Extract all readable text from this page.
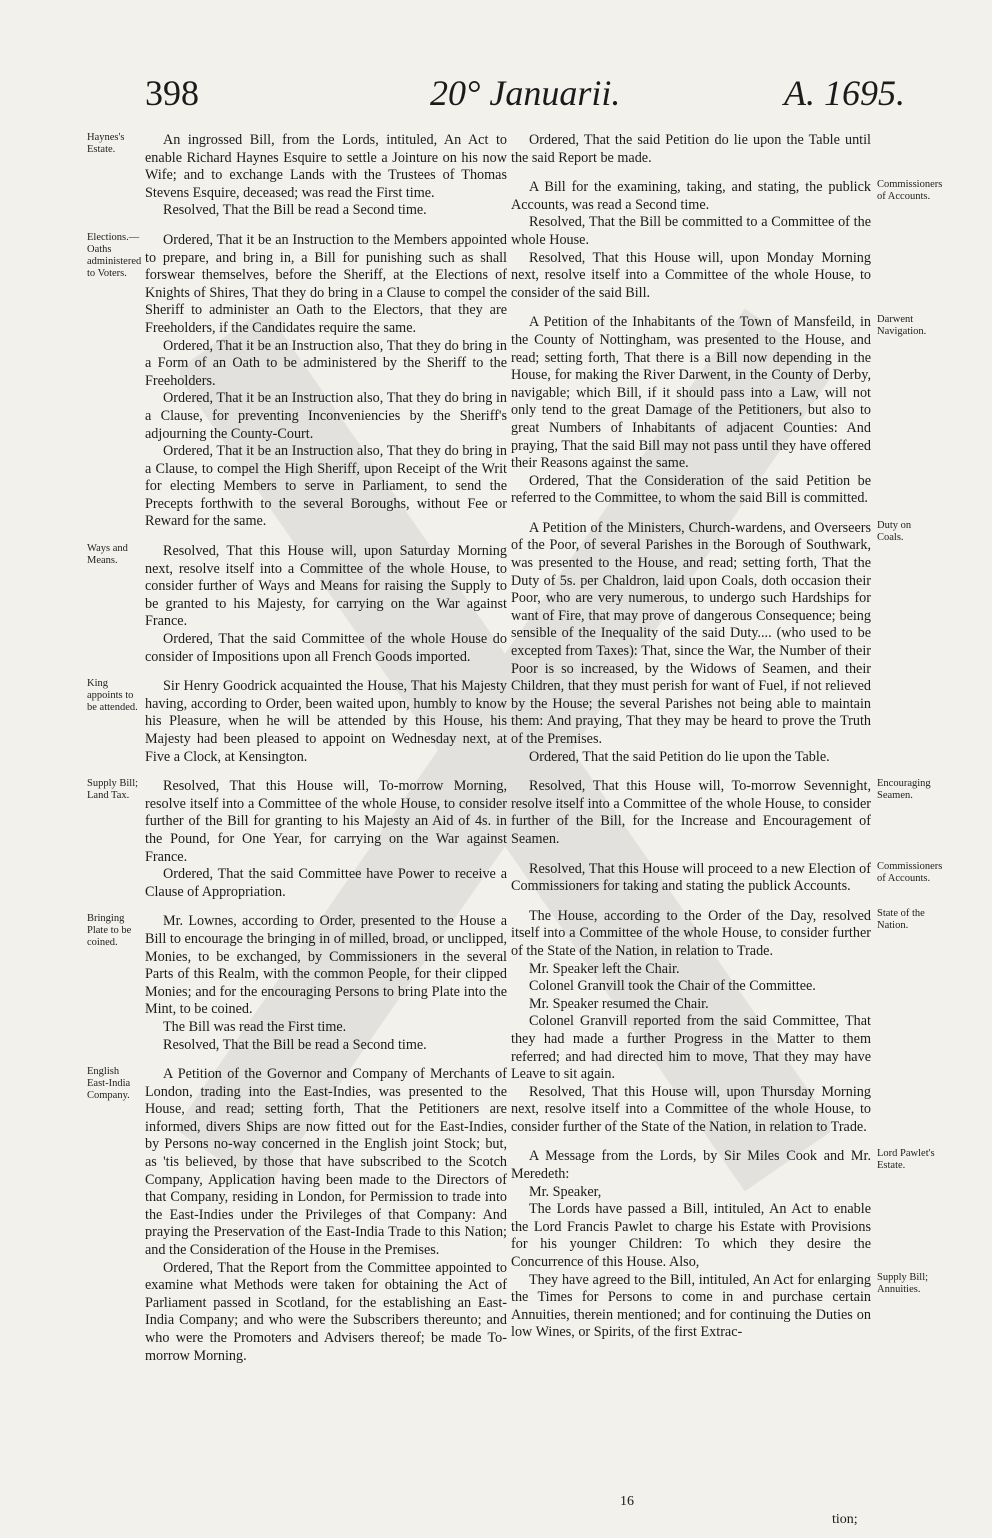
398	20° Januarii.	A. 1695.
Haynes's Estate.

An ingrossed Bill, from the Lords, intituled, An Act to enable Richard Haynes Esquire to settle a Jointure on his now Wife; and to exchange Lands with the Trustees of Thomas Stevens Esquire, deceased; was read the First time.

Resolved, That the Bill be read a Second time.

Elections.— Oaths administered to Voters.

Ordered, That it be an Instruction to the Members appointed to prepare, and bring in, a Bill for punishing such as shall forswear themselves, before the Sheriff, at the Elections of Knights of Shires, That they do bring in a Clause to compel the Sheriff to administer an Oath to the Electors, that they are Freeholders, if the Candidates require the same.

Ordered, That it be an Instruction also, That they do bring in a Form of an Oath to be administered by the Sheriff to the Freeholders.

Ordered, That it be an Instruction also, That they do bring in a Clause, for preventing Inconveniencies by the Sheriff's adjourning the County-Court.

Ordered, That it be an Instruction also, That they do bring in a Clause, to compel the High Sheriff, upon Receipt of the Writ for electing Members to serve in Parliament, to send the Precepts forthwith to the several Boroughs, without Fee or Reward for the same.

Ways and Means.

Resolved, That this House will, upon Saturday Morning next, resolve itself into a Committee of the whole House, to consider further of Ways and Means for raising the Supply to be granted to his Majesty, for carrying on the War against France.

Ordered, That the said Committee of the whole House do consider of Impositions upon all French Goods imported.

King appoints to be attended.

Sir Henry Goodrick acquainted the House, That his Majesty having, according to Order, been waited upon, humbly to know his Pleasure, when he will be attended by this House, his Majesty had been pleased to appoint on Wednesday next, at Five a Clock, at Kensington.

Supply Bill; Land Tax.

Resolved, That this House will, To-morrow Morning, resolve itself into a Committee of the whole House, to consider further of the Bill for granting to his Majesty an Aid of 4s. in the Pound, for One Year, for carrying on the War against France.

Ordered, That the said Committee have Power to receive a Clause of Appropriation.

Bringing Plate to be coined.

Mr. Lownes, according to Order, presented to the House a Bill to encourage the bringing in of milled, broad, or unclipped, Monies, to be exchanged, by Commissioners in the several Parts of this Realm, with the common People, for their clipped Monies; and for the encouraging Persons to bring Plate into the Mint, to be coined.

The Bill was read the First time.

Resolved, That the Bill be read a Second time.

English East-India Company.

A Petition of the Governor and Company of Merchants of London, trading into the East-Indies, was presented to the House, and read; setting forth, That the Petitioners are informed, divers Ships are now fitted out for the East-Indies, by Persons no-way concerned in the English joint Stock; but, as 'tis believed, by those that have subscribed to the Scotch Company, Application having been made to the Directors of that Company, residing in London, for Permission to trade into the East-Indies under the Privileges of that Company: And praying the Preservation of the East-India Trade to this Nation; and the Consideration of the House in the Premises.

Ordered, That the Report from the Committee appointed to examine what Methods were taken for obtaining the Act of Parliament passed in Scotland, for the establishing an East-India Company; and who were the Subscribers thereunto; and who were the Promoters and Advisers thereof; be made To-morrow Morning.

Ordered, That the said Petition do lie upon the Table until the said Report be made.

Commissioners of Accounts.

A Bill for the examining, taking, and stating, the publick Accounts, was read a Second time.

Resolved, That the Bill be committed to a Committee of the whole House.

Resolved, That this House will, upon Monday Morning next, resolve itself into a Committee of the whole House, to consider of the said Bill.

Darwent Navigation.

A Petition of the Inhabitants of the Town of Mansfeild, in the County of Nottingham, was presented to the House, and read; setting forth, That there is a Bill now depending in the House, for making the River Darwent, in the County of Derby, navigable; which Bill, if it should pass into a Law, will not only tend to the great Damage of the Petitioners, but also to great Numbers of Inhabitants of adjacent Counties: And praying, That the said Bill may not pass until they have offered their Reasons against the same.

Ordered, That the Consideration of the said Petition be referred to the Committee, to whom the said Bill is committed.

Duty on Coals.

A Petition of the Ministers, Church-wardens, and Overseers of the Poor, of several Parishes in the Borough of Southwark, was presented to the House, and read; setting forth, That the Duty of 5s. per Chaldron, laid upon Coals, doth occasion their Poor, who are very numerous, to undergo such Hardships for want of Fire, that may prove of dangerous Consequence; being sensible of the Inequality of the said Duty.... (who used to be excepted from Taxes): That, since the War, the Number of their Poor is so increased, by the Widows of Seamen, and their Children, that they must perish for want of Fuel, if not relieved by the House; the several Parishes not being able to maintain them: And praying, That they may be heard to prove the Truth of the Premises.

Ordered, That the said Petition do lie upon the Table.

Encouraging Seamen.

Resolved, That this House will, To-morrow Sevennight, resolve itself into a Committee of the whole House, to consider further of the Bill, for the Increase and Encouragement of Seamen.

Commissioners of Accounts.

Resolved, That this House will proceed to a new Election of Commissioners for taking and stating the publick Accounts.

State of the Nation.

The House, according to the Order of the Day, resolved itself into a Committee of the whole House, to consider further of the State of the Nation, in relation to Trade.

Mr. Speaker left the Chair.

Colonel Granvill took the Chair of the Committee.

Mr. Speaker resumed the Chair.

Colonel Granvill reported from the said Committee, That they had made a further Progress in the Matter to them referred; and had directed him to move, That they may have Leave to sit again.

Resolved, That this House will, upon Thursday Morning next, resolve itself into a Committee of the whole House, to consider further of the State of the Nation, in relation to Trade.

Lord Pawlet's Estate.
Supply Bill; Annuities.

A Message from the Lords, by Sir Miles Cook and Mr. Meredeth:

Mr. Speaker,

The Lords have passed a Bill, intituled, An Act to enable the Lord Francis Pawlet to charge his Estate with Provisions for his younger Children: To which they desire the Concurrence of this House. Also,

They have agreed to the Bill, intituled, An Act for enlarging the Times for Persons to come in and purchase certain Annuities, therein mentioned; and for continuing the Duties on low Wines, or Spirits, of the first Extrac-

16
tion;
